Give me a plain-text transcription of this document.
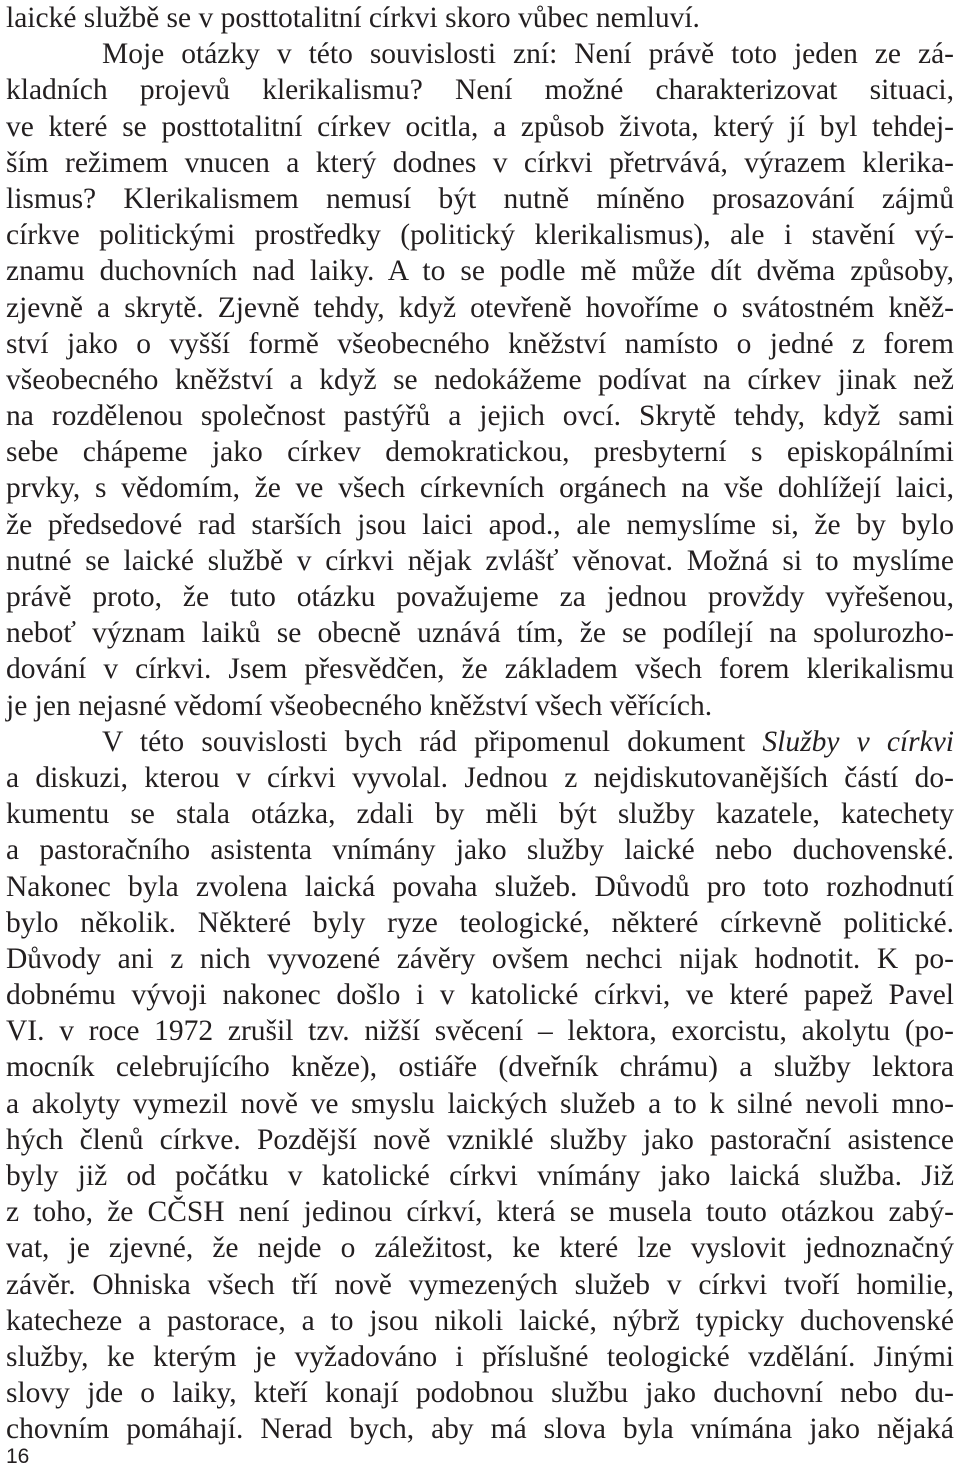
laické službě se v posttotalitní církvi skoro vůbec nemluví.
Moje otázky v této souvislosti zní: Není právě toto jeden ze zá-
kladních projevů klerikalismu? Není možné charakterizovat situaci,
ve které se posttotalitní církev ocitla, a způsob života, který jí byl tehdej-
ším režimem vnucen a který dodnes v církvi přetrvává, výrazem klerika-
lismus? Klerikalismem nemusí být nutně míněno prosazování zájmů
církve politickými prostředky (politický klerikalismus), ale i stavění vý-
znamu duchovních nad laiky. A to se podle mě může dít dvěma způsoby,
zjevně a skrytě. Zjevně tehdy, když otevřeně hovoříme o svátostném kněž-
ství jako o vyšší formě všeobecného kněžství namísto o jedné z forem
všeobecného kněžství a když se nedokážeme podívat na církev jinak než
na rozdělenou společnost pastýřů a jejich ovcí. Skrytě tehdy, když sami
sebe chápeme jako církev demokratickou, presbyterní s episkopálními
prvky, s vědomím, že ve všech církevních orgánech na vše dohlížejí laici,
že předsedové rad starších jsou laici apod., ale nemyslíme si, že by bylo
nutné se laické službě v církvi nějak zvlášť věnovat. Možná si to myslíme
právě proto, že tuto otázku považujeme za jednou provždy vyřešenou,
neboť význam laiků se obecně uznává tím, že se podílejí na spolurozho-
dování v církvi. Jsem přesvědčen, že základem všech forem klerikalismu
je jen nejasné vědomí všeobecného kněžství všech věřících.
V této souvislosti bych rád připomenul dokument Služby v církvi
a diskuzi, kterou v církvi vyvolal. Jednou z nejdiskutovanějších částí do-
kumentu se stala otázka, zdali by měli být služby kazatele, katechety
a pastoračního asistenta vnímány jako služby laické nebo duchovenské.
Nakonec byla zvolena laická povaha služeb. Důvodů pro toto rozhodnutí
bylo několik. Některé byly ryze teologické, některé církevně politické.
Důvody ani z nich vyvozené závěry ovšem nechci nijak hodnotit. K po-
dobnému vývoji nakonec došlo i v katolické církvi, ve které papež Pavel
VI. v roce 1972 zrušil tzv. nižší svěcení – lektora, exorcistu, akolytu (po-
mocník celebrujícího kněze), ostiáře (dveřník chrámu) a služby lektora
a akolyty vymezil nově ve smyslu laických služeb a to k silné nevoli mno-
hých členů církve. Pozdější nově vzniklé služby jako pastorační asistence
byly již od počátku v katolické církvi vnímány jako laická služba. Již
z toho, že CČSH není jedinou církví, která se musela touto otázkou zabý-
vat, je zjevné, že nejde o záležitost, ke které lze vyslovit jednoznačný
závěr. Ohniska všech tří nově vymezených služeb v církvi tvoří homilie,
katecheze a pastorace, a to jsou nikoli laické, nýbrž typicky duchovenské
služby, ke kterým je vyžadováno i příslušné teologické vzdělání. Jinými
slovy jde o laiky, kteří konají podobnou službu jako duchovní nebo du-
chovním pomáhají. Nerad bych, aby má slova byla vnímána jako nějaká
16
